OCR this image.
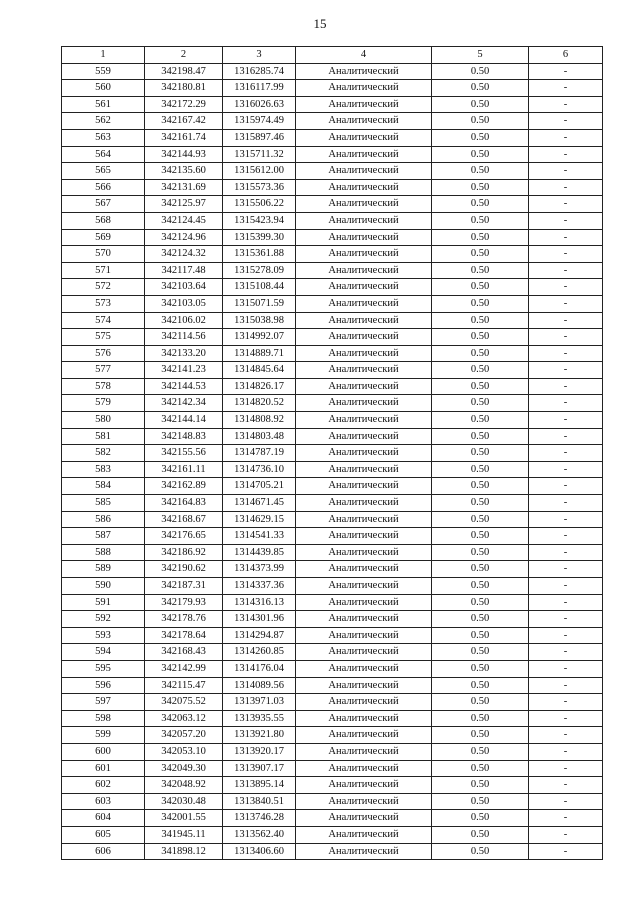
15
1	2	3	4	5	6
559	342198.47	1316285.74	Аналитический	0.50	-
560	342180.81	1316117.99	Аналитический	0.50	-
561	342172.29	1316026.63	Аналитический	0.50	-
562	342167.42	1315974.49	Аналитический	0.50	-
563	342161.74	1315897.46	Аналитический	0.50	-
564	342144.93	1315711.32	Аналитический	0.50	-
565	342135.60	1315612.00	Аналитический	0.50	-
566	342131.69	1315573.36	Аналитический	0.50	-
567	342125.97	1315506.22	Аналитический	0.50	-
568	342124.45	1315423.94	Аналитический	0.50	-
569	342124.96	1315399.30	Аналитический	0.50	-
570	342124.32	1315361.88	Аналитический	0.50	-
571	342117.48	1315278.09	Аналитический	0.50	-
572	342103.64	1315108.44	Аналитический	0.50	-
573	342103.05	1315071.59	Аналитический	0.50	-
574	342106.02	1315038.98	Аналитический	0.50	-
575	342114.56	1314992.07	Аналитический	0.50	-
576	342133.20	1314889.71	Аналитический	0.50	-
577	342141.23	1314845.64	Аналитический	0.50	-
578	342144.53	1314826.17	Аналитический	0.50	-
579	342142.34	1314820.52	Аналитический	0.50	-
580	342144.14	1314808.92	Аналитический	0.50	-
581	342148.83	1314803.48	Аналитический	0.50	-
582	342155.56	1314787.19	Аналитический	0.50	-
583	342161.11	1314736.10	Аналитический	0.50	-
584	342162.89	1314705.21	Аналитический	0.50	-
585	342164.83	1314671.45	Аналитический	0.50	-
586	342168.67	1314629.15	Аналитический	0.50	-
587	342176.65	1314541.33	Аналитический	0.50	-
588	342186.92	1314439.85	Аналитический	0.50	-
589	342190.62	1314373.99	Аналитический	0.50	-
590	342187.31	1314337.36	Аналитический	0.50	-
591	342179.93	1314316.13	Аналитический	0.50	-
592	342178.76	1314301.96	Аналитический	0.50	-
593	342178.64	1314294.87	Аналитический	0.50	-
594	342168.43	1314260.85	Аналитический	0.50	-
595	342142.99	1314176.04	Аналитический	0.50	-
596	342115.47	1314089.56	Аналитический	0.50	-
597	342075.52	1313971.03	Аналитический	0.50	-
598	342063.12	1313935.55	Аналитический	0.50	-
599	342057.20	1313921.80	Аналитический	0.50	-
600	342053.10	1313920.17	Аналитический	0.50	-
601	342049.30	1313907.17	Аналитический	0.50	-
602	342048.92	1313895.14	Аналитический	0.50	-
603	342030.48	1313840.51	Аналитический	0.50	-
604	342001.55	1313746.28	Аналитический	0.50	-
605	341945.11	1313562.40	Аналитический	0.50	-
606	341898.12	1313406.60	Аналитический	0.50	-
